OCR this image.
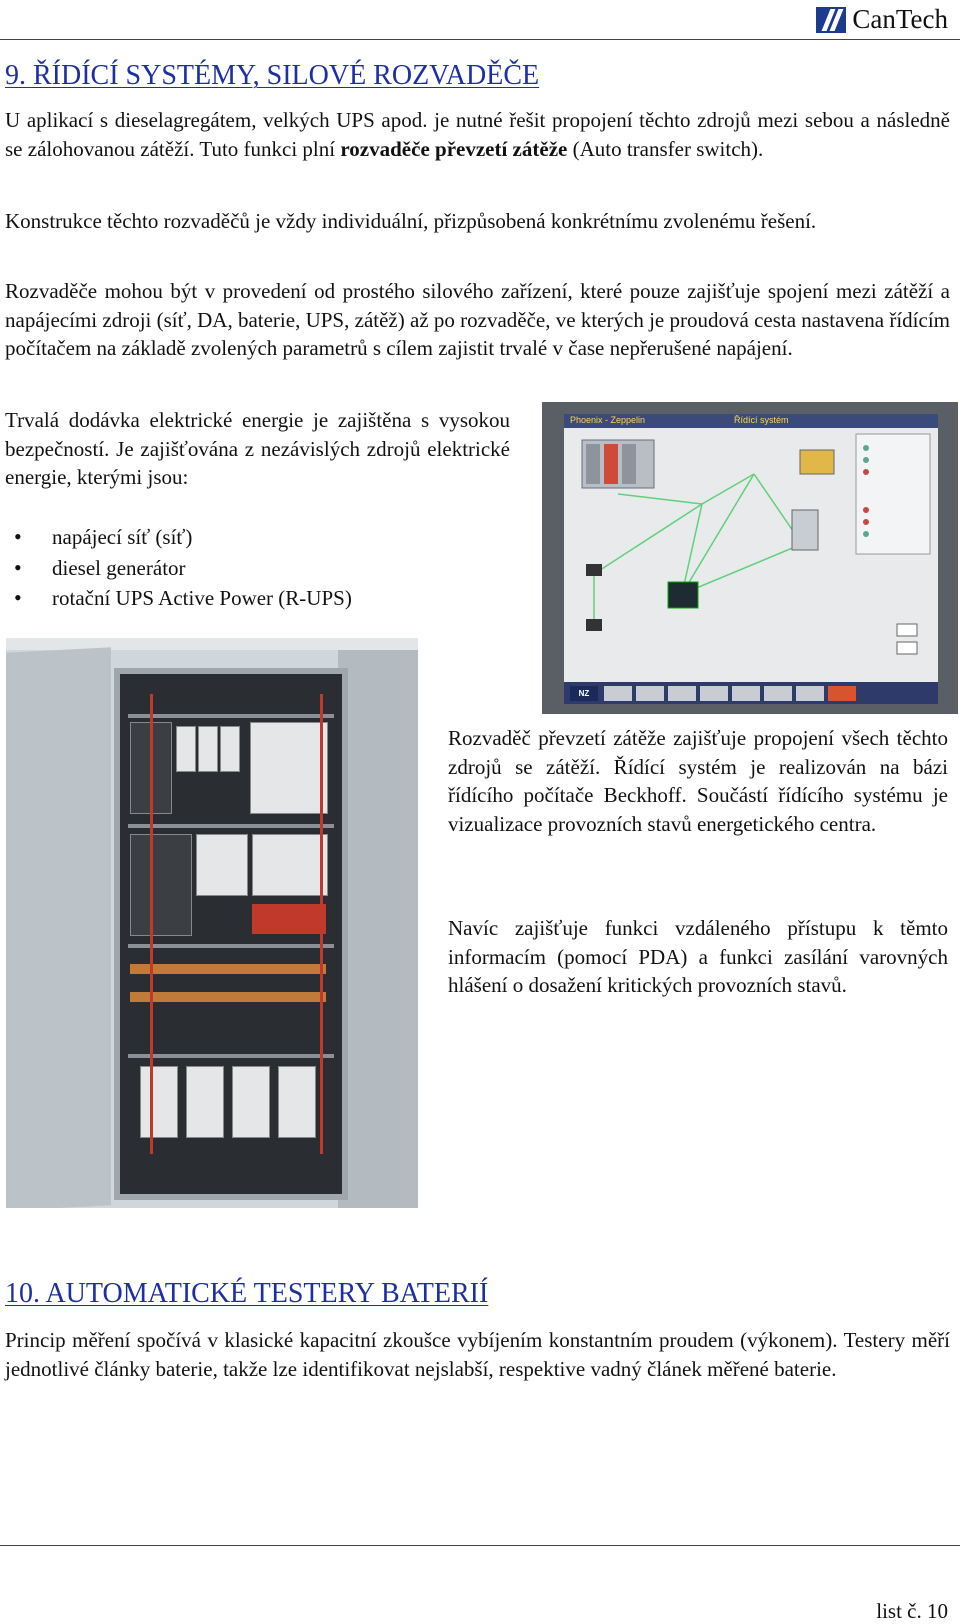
CanTech
9. ŘÍDÍCÍ SYSTÉMY, SILOVÉ ROZVADĚČE

U aplikací s dieselagregátem, velkých UPS apod. je nutné řešit propojení těchto zdrojů mezi sebou a následně se zálohovanou zátěží. Tuto funkci plní rozvaděče převzetí zátěže (Auto transfer switch).

Konstrukce těchto rozvaděčů je vždy individuální, přizpůsobená konkrétnímu zvolenému řešení.

Rozvaděče mohou být v provedení od prostého silového zařízení, které pouze zajišťuje spojení mezi zátěží a napájecími zdroji (síť, DA, baterie, UPS, zátěž) až po rozvaděče, ve kterých je proudová cesta nastavena řídícím počítačem na základě zvolených parametrů s cílem zajistit trvalé v čase nepřerušené napájení.

Trvalá dodávka elektrické energie je zajištěna s vysokou bezpečností. Je zajišťována z nezávislých zdrojů elektrické energie, kterými jsou:

• napájecí síť (síť)
• diesel generátor
• rotační UPS Active Power (R-UPS)
Phoenix - Zeppelin	Řídící systém
NZ

Rozvaděč převzetí zátěže zajišťuje propojení všech těchto zdrojů se zátěží. Řídící systém je realizován na bázi řídícího počítače Beckhoff. Součástí řídícího systému je vizualizace provozních stavů energetického centra.

Navíc zajišťuje funkci vzdáleného přístupu k těmto informacím (pomocí PDA) a funkci zasílání varovných hlášení o dosažení kritických provozních stavů.

10. AUTOMATICKÉ TESTERY BATERIÍ

Princip měření spočívá v klasické kapacitní zkoušce vybíjením konstantním proudem (výkonem). Testery měří jednotlivé články baterie, takže lze identifikovat nejslabší, respektive vadný článek měřené baterie.

list č. 10
